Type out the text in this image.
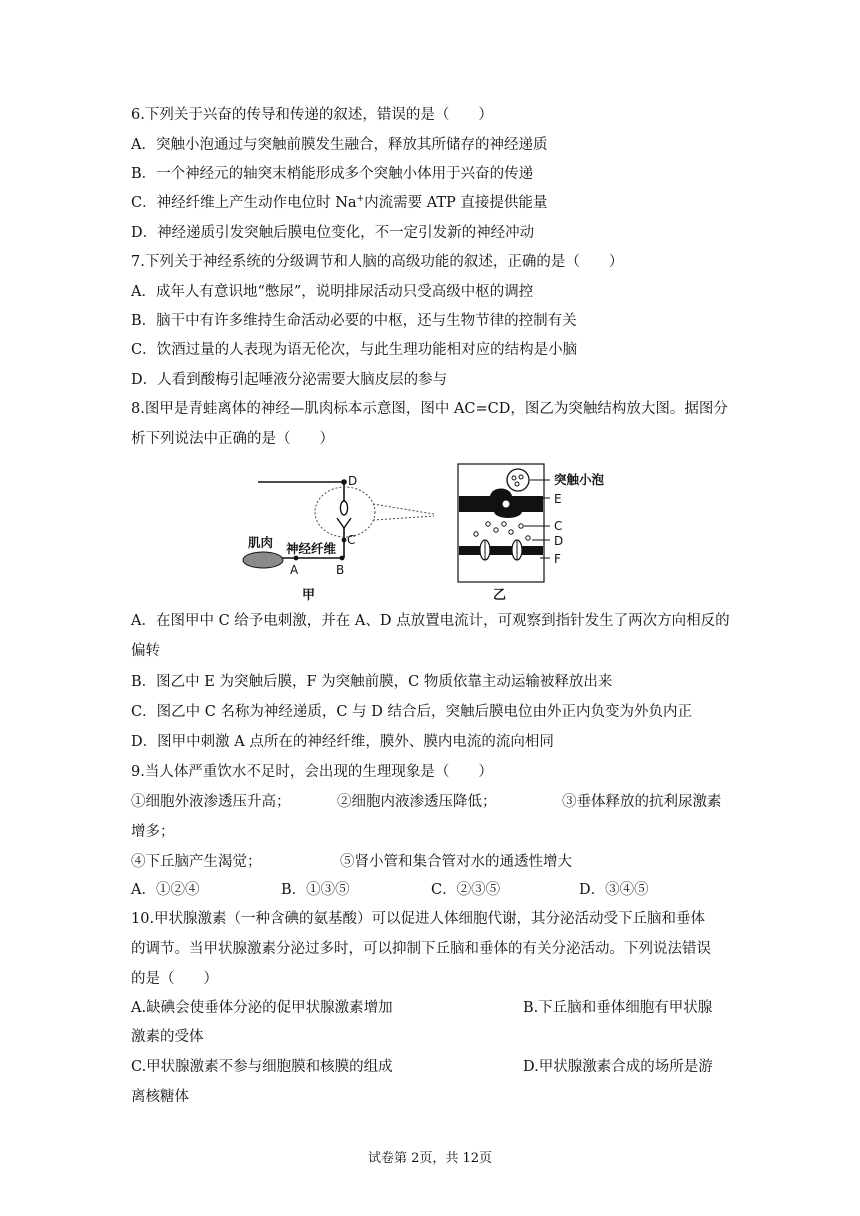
6.下列关于兴奋的传导和传递的叙述，错误的是（　　）
A．突触小泡通过与突触前膜发生融合，释放其所储存的神经递质
B．一个神经元的轴突末梢能形成多个突触小体用于兴奋的传递
C．神经纤维上产生动作电位时 Na+内流需要 ATP 直接提供能量
D．神经递质引发突触后膜电位变化，不一定引发新的神经冲动
7.下列关于神经系统的分级调节和人脑的高级功能的叙述，正确的是（　　）
A．成年人有意识地“憋尿”，说明排尿活动只受高级中枢的调控
B．脑干中有许多维持生命活动必要的中枢，还与生物节律的控制有关
C．饮酒过量的人表现为语无伦次，与此生理功能相对应的结构是小脑
D．人看到酸梅引起唾液分泌需要大脑皮层的参与
8.图甲是青蛙离体的神经—肌肉标本示意图，图中 AC=CD，图乙为突触结构放大图。据图分
析下列说法中正确的是（　　）
D
C
神经纤维
肌肉
A	B
甲
突触小泡
E
C
D
F
乙
A．在图甲中 C 给予电刺激，并在 A、D 点放置电流计，可观察到指针发生了两次方向相反的
偏转
B．图乙中 E 为突触后膜，F 为突触前膜，C 物质依靠主动运输被释放出来
C．图乙中 C 名称为神经递质，C 与 D 结合后，突触后膜电位由外正内负变为外负内正
D．图甲中刺激 A 点所在的神经纤维，膜外、膜内电流的流向相同
9.当人体严重饮水不足时，会出现的生理现象是（　　）
①细胞外液渗透压升高；	②细胞内液渗透压降低；	③垂体释放的抗利尿激素
增多；
④下丘脑产生渴觉；	⑤肾小管和集合管对水的通透性增大
A．①②④	B．①③⑤	C．②③⑤	D．③④⑤
10.甲状腺激素（一种含碘的氨基酸）可以促进人体细胞代谢，其分泌活动受下丘脑和垂体
的调节。当甲状腺激素分泌过多时，可以抑制下丘脑和垂体的有关分泌活动。下列说法错误
的是（　　）
A.缺碘会使垂体分泌的促甲状腺激素增加	B.下丘脑和垂体细胞有甲状腺
激素的受体
C.甲状腺激素不参与细胞膜和核膜的组成	D.甲状腺激素合成的场所是游
离核糖体
试卷第 2页，共 12页
